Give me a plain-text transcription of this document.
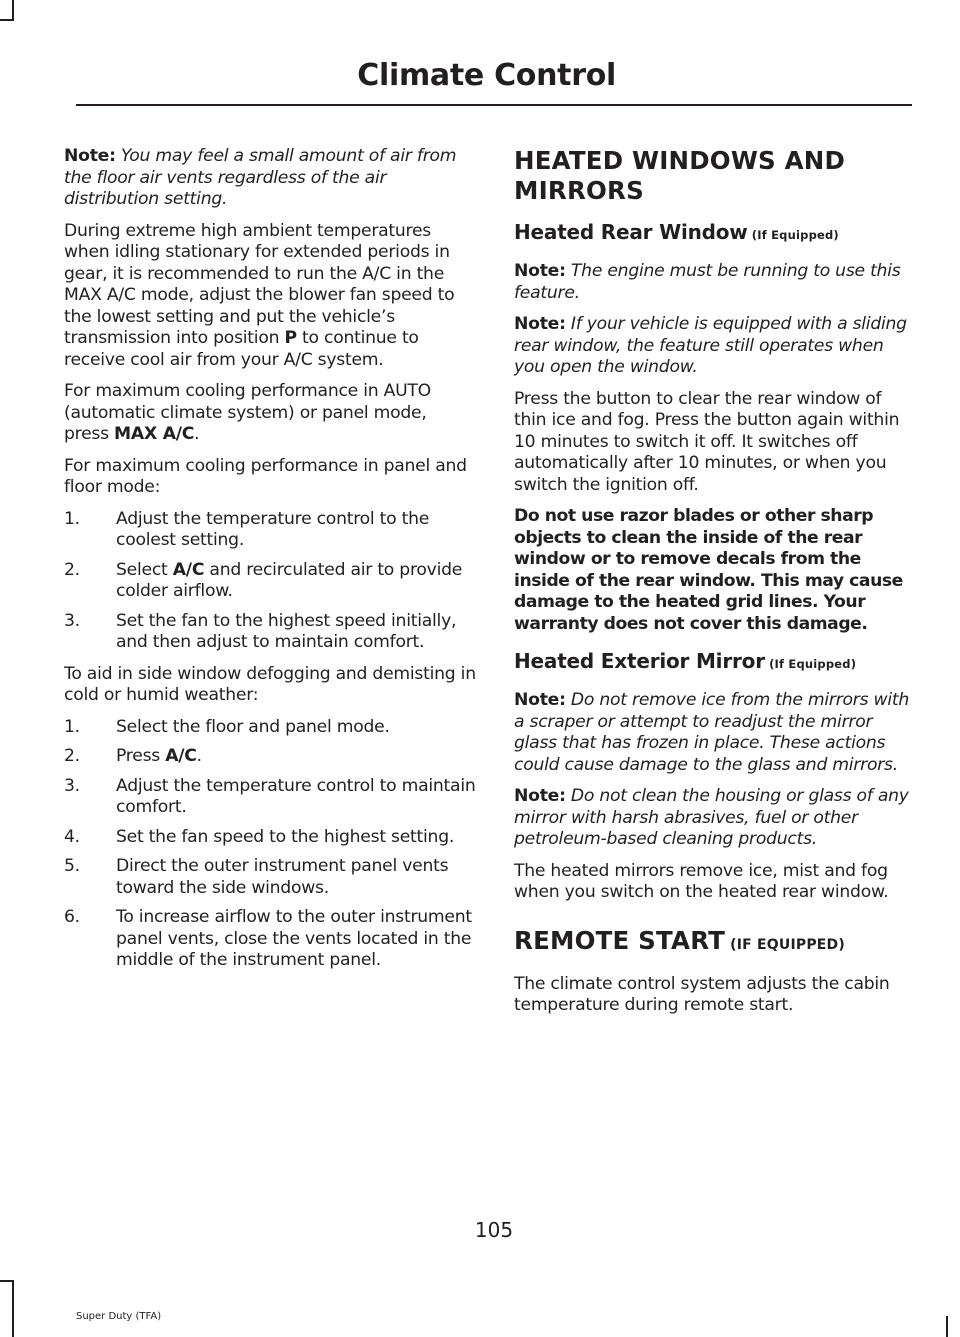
Climate Control

Note: You may feel a small amount of air from the floor air vents regardless of the air distribution setting.

During extreme high ambient temperatures when idling stationary for extended periods in gear, it is recommended to run the A/C in the MAX A/C mode, adjust the blower fan speed to the lowest setting and put the vehicle’s transmission into position P to continue to receive cool air from your A/C system.

For maximum cooling performance in AUTO (automatic climate system) or panel mode, press MAX A/C.

For maximum cooling performance in panel and floor mode:

1. Adjust the temperature control to the coolest setting.
2. Select A/C and recirculated air to provide colder airflow.
3. Set the fan to the highest speed initially, and then adjust to maintain comfort.

To aid in side window defogging and demisting in cold or humid weather:

1. Select the floor and panel mode.
2. Press A/C.
3. Adjust the temperature control to maintain comfort.
4. Set the fan speed to the highest setting.
5. Direct the outer instrument panel vents toward the side windows.
6. To increase airflow to the outer instrument panel vents, close the vents located in the middle of the instrument panel.
HEATED WINDOWS AND MIRRORS
Heated Rear Window (If Equipped)

Note: The engine must be running to use this feature.

Note: If your vehicle is equipped with a sliding rear window, the feature still operates when you open the window.

Press the button to clear the rear window of thin ice and fog. Press the button again within 10 minutes to switch it off. It switches off automatically after 10 minutes, or when you switch the ignition off.

Do not use razor blades or other sharp objects to clean the inside of the rear window or to remove decals from the inside of the rear window. This may cause damage to the heated grid lines. Your warranty does not cover this damage.

Heated Exterior Mirror (If Equipped)

Note: Do not remove ice from the mirrors with a scraper or attempt to readjust the mirror glass that has frozen in place. These actions could cause damage to the glass and mirrors.

Note: Do not clean the housing or glass of any mirror with harsh abrasives, fuel or other petroleum-based cleaning products.

The heated mirrors remove ice, mist and fog when you switch on the heated rear window.

REMOTE START (IF EQUIPPED)

The climate control system adjusts the cabin temperature during remote start.

105
Super Duty (TFA)
